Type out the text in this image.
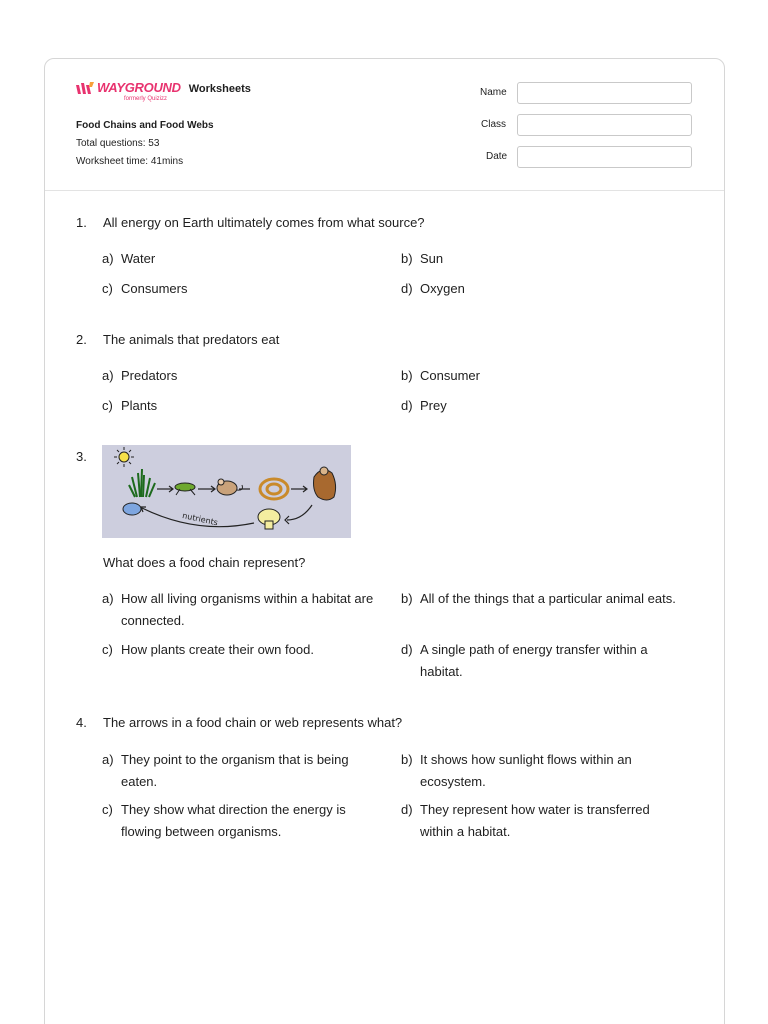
WAYGROUND
formerly Quizizz
Worksheets
Food Chains and Food Webs
Total questions: 53
Worksheet time: 41mins
Name
Class
Date
1. All energy on Earth ultimately comes from what source?
a) Water	b) Sun
c) Consumers	d) Oxygen
2. The animals that predators eat
a) Predators	b) Consumer
c) Plants	d) Prey
3.
nutrients
What does a food chain represent?
a) How all living organisms within a habitat are connected.
b) All of the things that a particular animal eats.
c) How plants create their own food.	d) A single path of energy transfer within a habitat.
4. The arrows in a food chain or web represents what?
a) They point to the organism that is being eaten.
b) It shows how sunlight flows within an ecosystem.
c) They show what direction the energy is flowing between organisms.
d) They represent how water is transferred within a habitat.
